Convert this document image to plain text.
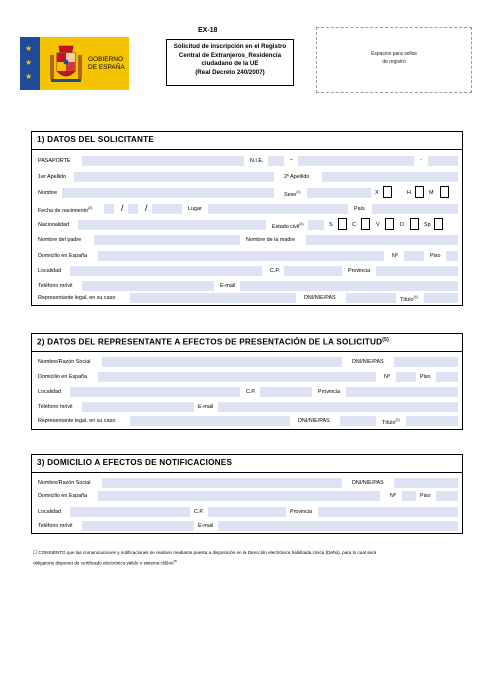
★
★
★
GOBIERNO
DE ESPAÑA
EX-18
Solicitud de inscripción en el Registro
Central de Extranjeros_Residencia
ciudadano de la UE
(Real Decreto 240/2007)
Espacios para sellos
de registro
1) DATOS DEL SOLICITANTE
PASAPORTE	N.I.E.	–	-
1er Apellido	2º Apellido
Nombre	Sexo$^{(1)}$	X	H	M
Fecha de nacimiento$^{(2)}$	/ /	Lugar	País
Nacionalidad	Estado civil$^{(3)}$	S	C	V	D	Sp
Nombre del padre	Nombre de la madre
Domicilio en España	Nº	Piso
Localidad	C.P.	Provincia
Teléfono móvil	E-mail
Representante legal, en su caso	DNI/NIE/PAS	Título$^{(4)}$
2) DATOS DEL REPRESENTANTE A EFECTOS DE PRESENTACIÓN DE LA SOLICITUD$^{(5)}$
Nombre/Razón Social	DNI/NIE/PAS
Domicilio en España	Nº	Piso
Localidad	C.P.	Provincia
Teléfono móvil	E-mail
Representante legal, en su caso	DNI/NIE/PAS	Título$^{(4)}$
3) DOMICILIO A EFECTOS DE NOTIFICACIONES
Nombre/Razón Social	DNI/NIE/PAS
Domicilio en España	Nº	Piso
Localidad	C.P.	Provincia
Teléfono móvil	E-mail
☐ CONSIENTO que las comunicaciones y notificaciones se realicen mediante puesta a disposición en la Dirección electrónica habilitada Única (Dehú), para lo cual será
obligatorio disponer de certificado electrónico válido o sistema $cl@ve^{(6)}$
